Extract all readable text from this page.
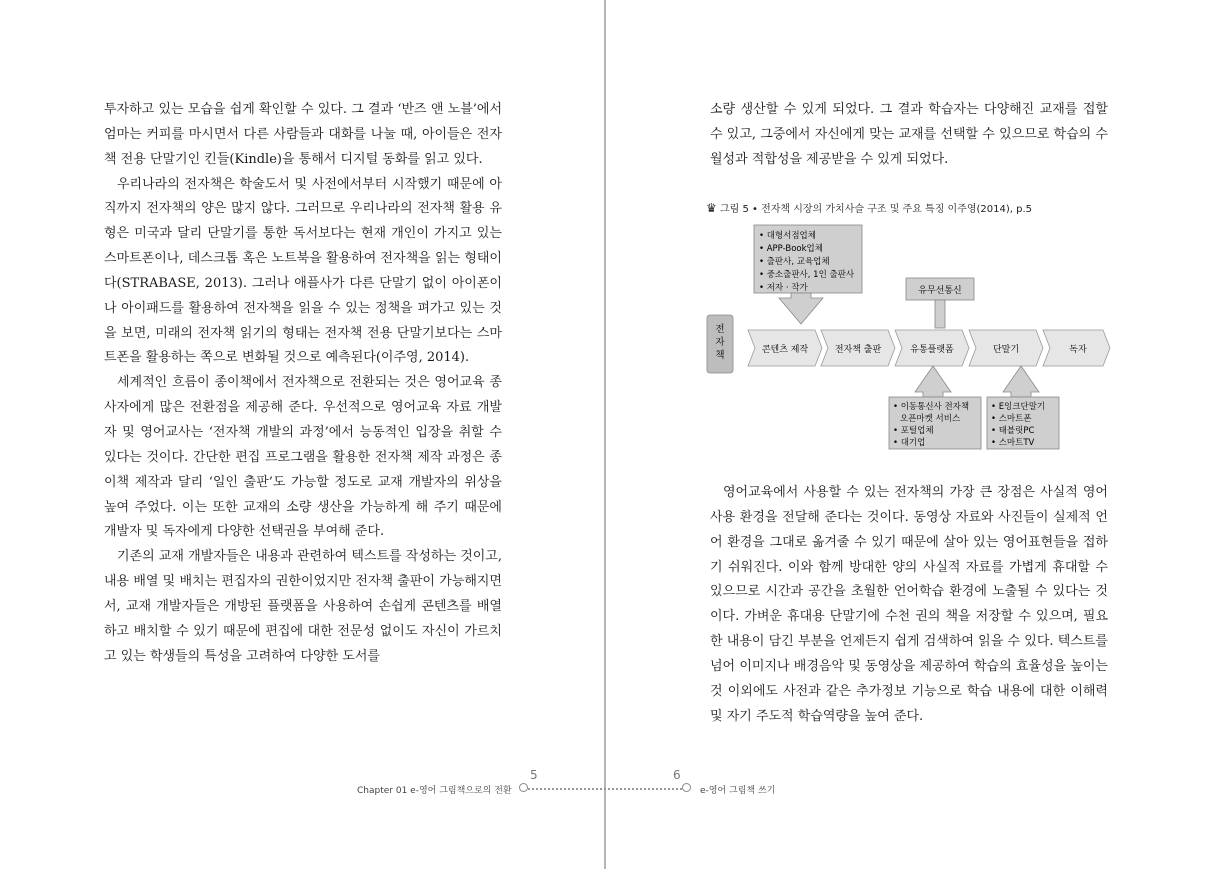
투자하고 있는 모습을 쉽게 확인할 수 있다. 그 결과 ‘반즈 앤 노블’에서 엄마는 커피를 마시면서 다른 사람들과 대화를 나눌 때, 아이들은 전자책 전용 단말기인 킨들(Kindle)을 통해서 디지털 동화를 읽고 있다.

우리나라의 전자책은 학술도서 및 사전에서부터 시작했기 때문에 아직까지 전자책의 양은 많지 않다. 그러므로 우리나라의 전자책 활용 유형은 미국과 달리 단말기를 통한 독서보다는 현재 개인이 가지고 있는 스마트폰이나, 데스크톱 혹은 노트북을 활용하여 전자책을 읽는 형태이다(STRABASE, 2013). 그러나 애플사가 다른 단말기 없이 아이폰이나 아이패드를 활용하여 전자책을 읽을 수 있는 정책을 펴가고 있는 것을 보면, 미래의 전자책 읽기의 형태는 전자책 전용 단말기보다는 스마트폰을 활용하는 쪽으로 변화될 것으로 예측된다(이주영, 2014).

세계적인 흐름이 종이책에서 전자책으로 전환되는 것은 영어교육 종사자에게 많은 전환점을 제공해 준다. 우선적으로 영어교육 자료 개발자 및 영어교사는 ‘전자책 개발의 과정’에서 능동적인 입장을 취할 수 있다는 것이다. 간단한 편집 프로그램을 활용한 전자책 제작 과정은 종이책 제작과 달리 ‘일인 출판’도 가능할 정도로 교재 개발자의 위상을 높여 주었다. 이는 또한 교재의 소량 생산을 가능하게 해 주기 때문에 개발자 및 독자에게 다양한 선택권을 부여해 준다.

기존의 교재 개발자들은 내용과 관련하여 텍스트를 작성하는 것이고, 내용 배열 및 배치는 편집자의 권한이었지만 전자책 출판이 가능해지면서, 교재 개발자들은 개방된 플랫폼을 사용하여 손쉽게 콘텐츠를 배열하고 배치할 수 있기 때문에 편집에 대한 전문성 없이도 자신이 가르치고 있는 학생들의 특성을 고려하여 다양한 도서를

소량 생산할 수 있게 되었다. 그 결과 학습자는 다양해진 교재를 접할 수 있고, 그중에서 자신에게 맞는 교재를 선택할 수 있으므로 학습의 수월성과 적합성을 제공받을 수 있게 되었다.

♛ 그림 5 • 전자책 시장의 가치사슬 구조 및 주요 특징 이주영(2014), p.5
전
자
책
• 대형서점업체
• APP-Book업체
• 출판사, 교육업체
• 중소출판사, 1인 출판사
• 저자 · 작가	유무선통신
콘텐츠 제작	전자책 출판	유통플랫폼	단말기	독자
• 이동통신사 전자책
오픈마켓 서비스
• 포털업체
• 대기업
• E잉크단말기
• 스마트폰
• 태블릿PC
• 스마트TV

영어교육에서 사용할 수 있는 전자책의 가장 큰 장점은 사실적 영어사용 환경을 전달해 준다는 것이다. 동영상 자료와 사진들이 실제적 언어 환경을 그대로 옮겨줄 수 있기 때문에 살아 있는 영어표현들을 접하기 쉬워진다. 이와 함께 방대한 양의 사실적 자료를 가볍게 휴대할 수 있으므로 시간과 공간을 초월한 언어학습 환경에 노출될 수 있다는 것이다. 가벼운 휴대용 단말기에 수천 권의 책을 저장할 수 있으며, 필요한 내용이 담긴 부분을 언제든지 쉽게 검색하여 읽을 수 있다. 텍스트를 넘어 이미지나 배경음악 및 동영상을 제공하여 학습의 효율성을 높이는 것 이외에도 사전과 같은 추가정보 기능으로 학습 내용에 대한 이해력 및 자기 주도적 학습역량을 높여 준다.

Chapter 01 e-영어 그림책으로의 전환
5	6
e-영어 그림책 쓰기
